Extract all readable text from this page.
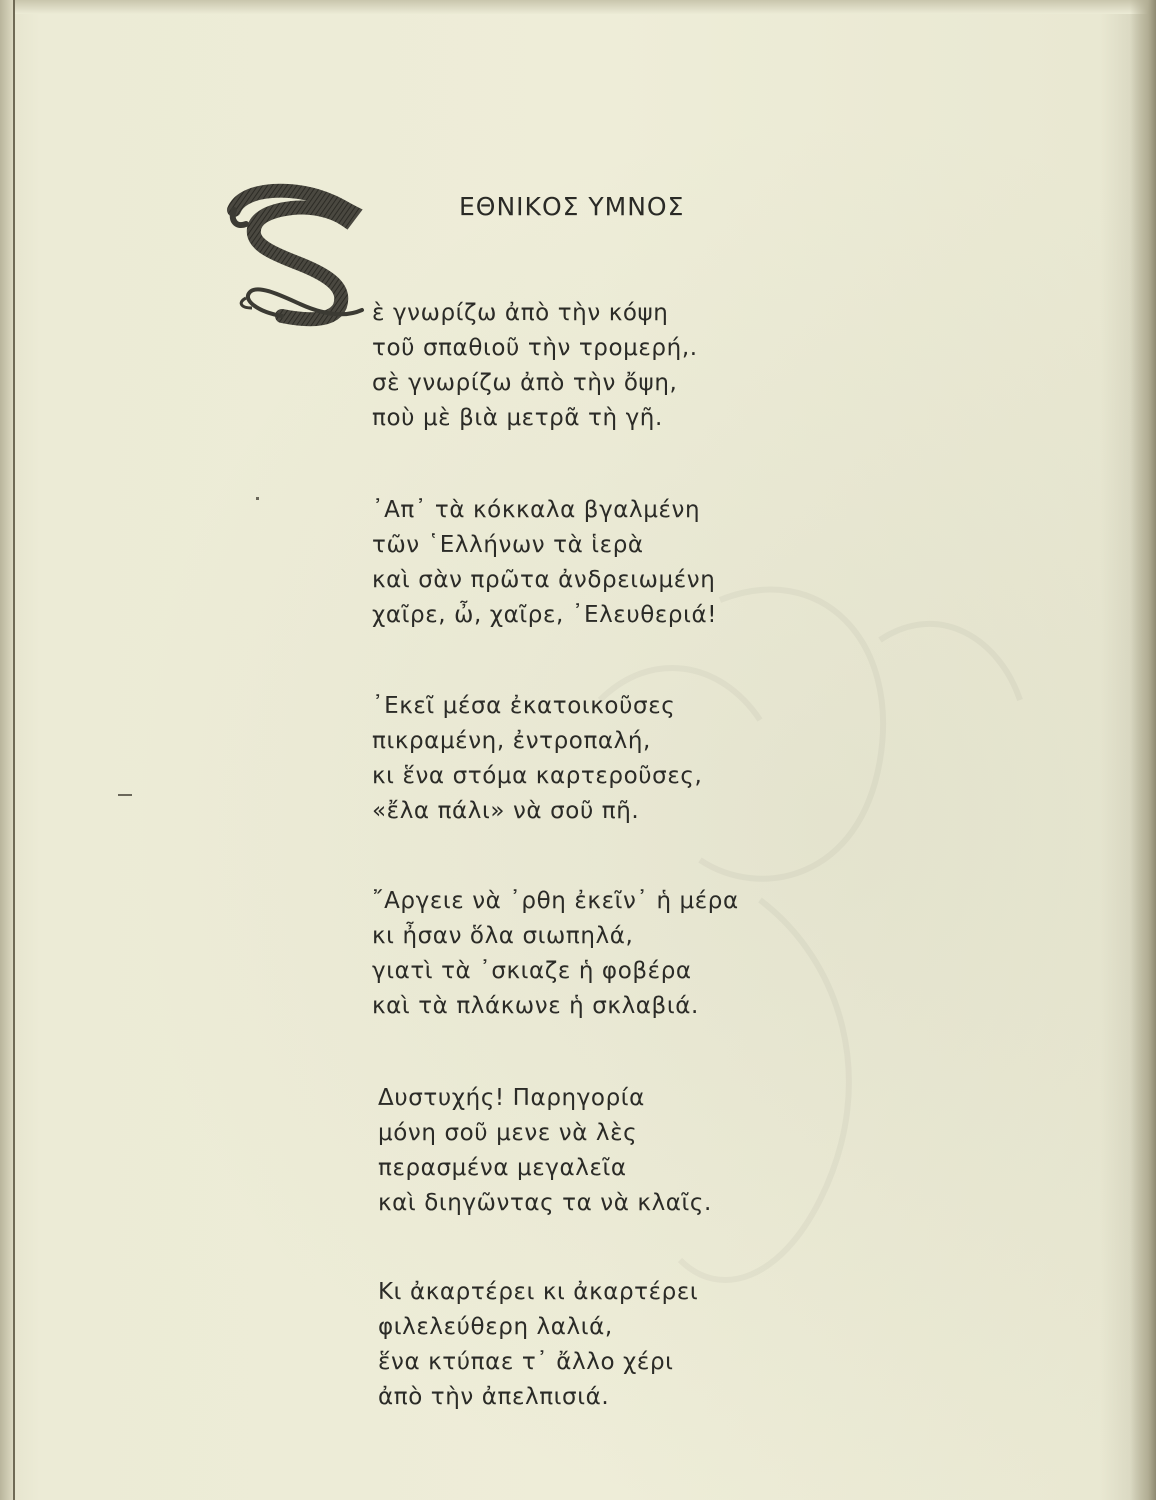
ΕΘΝΙΚΟΣ ΥΜΝΟΣ
ὲ γνωρίζω ἀπὸ τὴν κόψη
τοῦ σπαθιοῦ τὴν τρομερή,.
σὲ γνωρίζω ἀπὸ τὴν ὄψη,
ποὺ μὲ βιὰ μετρᾶ τὴ γῆ.
᾿Απ᾿ τὰ κόκκαλα βγαλμένη
τῶν ῾Ελλήνων τὰ ἱερὰ
καὶ σὰν πρῶτα ἀνδρειωμένη
χαῖρε, ὦ, χαῖρε, ᾿Ελευθεριά!
᾿Εκεῖ μέσα ἐκατοικοῦσες
πικραμένη, ἐντροπαλή,
κι ἕνα στόμα καρτεροῦσες,
«ἔλα πάλι» νὰ σοῦ πῆ.
῎Αργειε νὰ ᾿ρθη ἐκεῖν᾿ ἡ μέρα
κι ἦσαν ὅλα σιωπηλά,
γιατὶ τὰ ᾿σκιαζε ἡ φοβέρα
καὶ τὰ πλάκωνε ἡ σκλαβιά.
Δυστυχής! Παρηγορία
μόνη σοῦ μενε νὰ λὲς
περασμένα μεγαλεῖα
καὶ διηγῶντας τα νὰ κλαῖς.
Κι ἀκαρτέρει κι ἀκαρτέρει
φιλελεύθερη λαλιά,
ἕνα κτύπαε τ᾿ ἄλλο χέρι
ἀπὸ τὴν ἀπελπισιά.
